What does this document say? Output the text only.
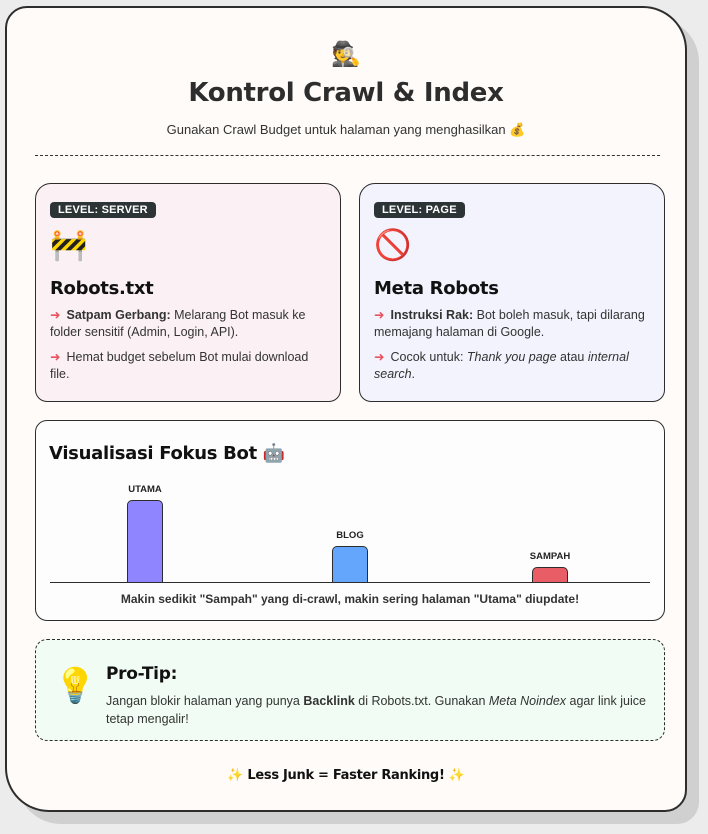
🕵️
Kontrol Crawl & Index
Gunakan Crawl Budget untuk halaman yang menghasilkan 💰
LEVEL: SERVER
🚧
Robots.txt
➜ Satpam Gerbang: Melarang Bot masuk ke folder sensitif (Admin, Login, API).
➜ Hemat budget sebelum Bot mulai download file.
LEVEL: PAGE
🚫
Meta Robots
➜ Instruksi Rak: Bot boleh masuk, tapi dilarang memajang halaman di Google.
➜ Cocok untuk: Thank you page atau internal search.
Visualisasi Fokus Bot 🤖
UTAMA
BLOG
SAMPAH
Makin sedikit "Sampah" yang di-crawl, makin sering halaman "Utama" diupdate!
💡 Pro-Tip:
Jangan blokir halaman yang punya Backlink di Robots.txt. Gunakan Meta Noindex agar link juice tetap mengalir!
✨ Less Junk = Faster Ranking! ✨
